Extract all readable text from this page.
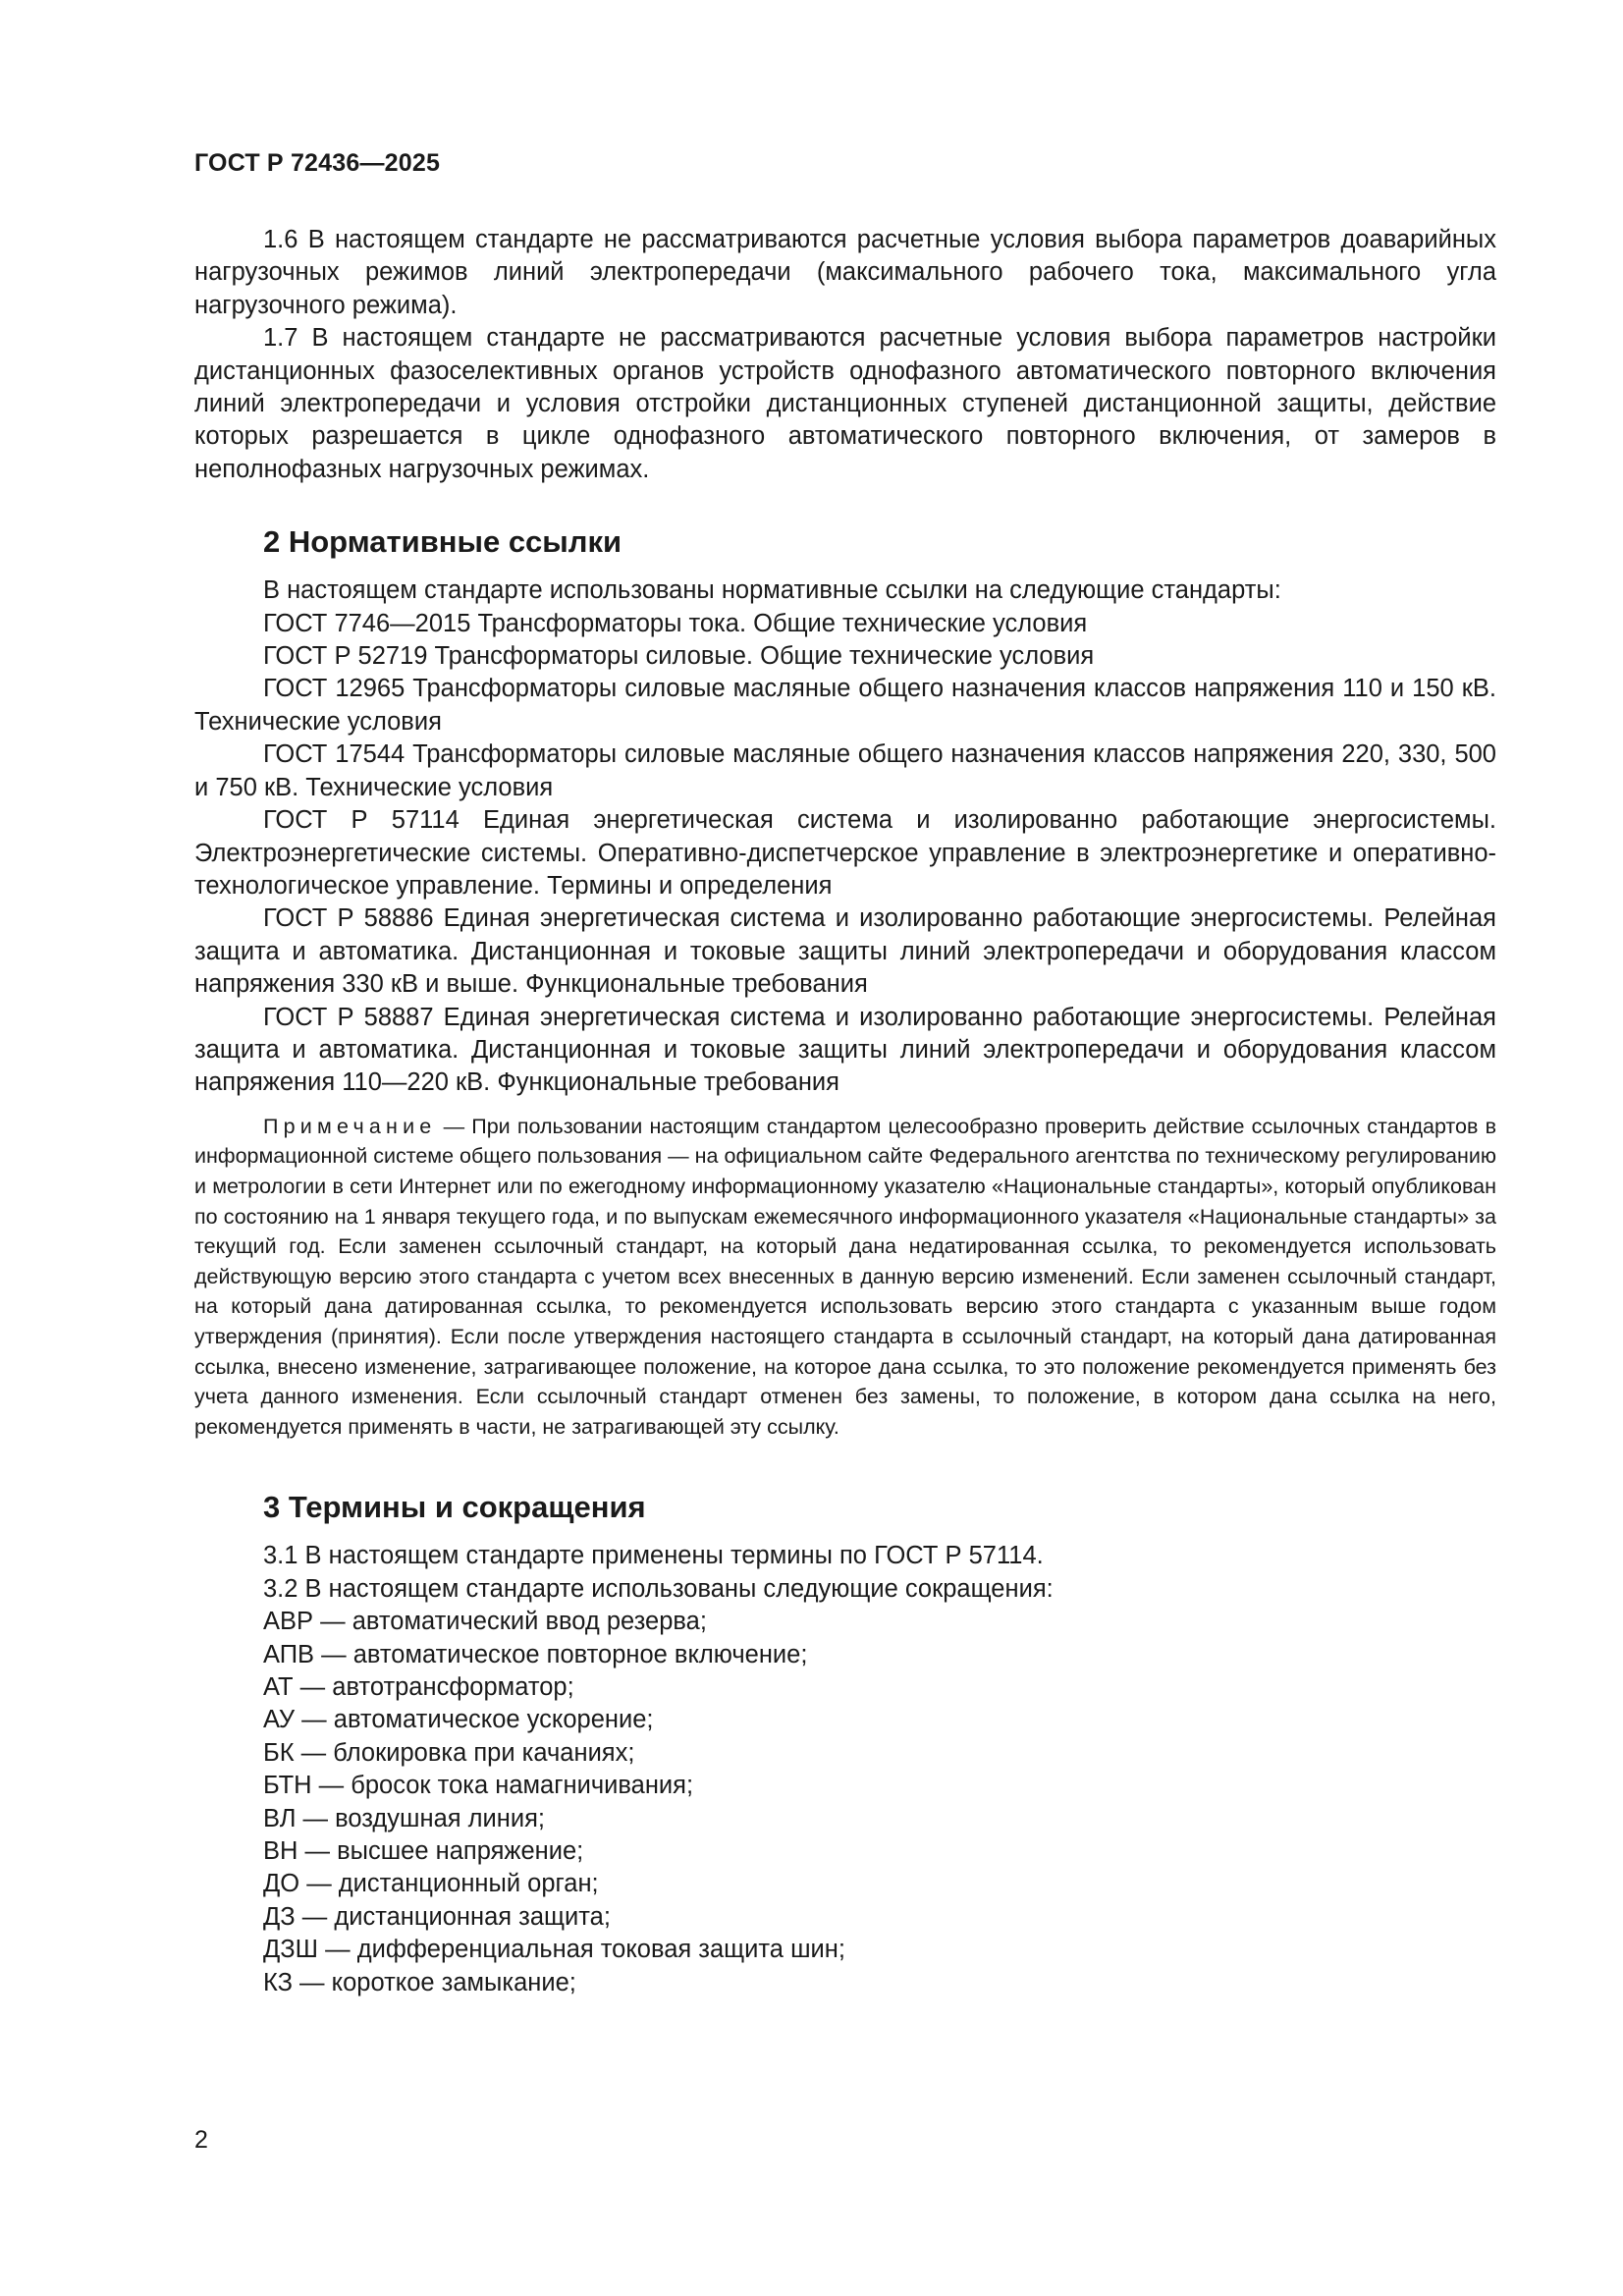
ГОСТ Р 72436—2025

1.6 В настоящем стандарте не рассматриваются расчетные условия выбора параметров доаварийных нагрузочных режимов линий электропередачи (максимального рабочего тока, максимального угла нагрузочного режима).

1.7 В настоящем стандарте не рассматриваются расчетные условия выбора параметров настройки дистанционных фазоселективных органов устройств однофазного автоматического повторного включения линий электропередачи и условия отстройки дистанционных ступеней дистанционной защиты, действие которых разрешается в цикле однофазного автоматического повторного включения, от замеров в неполнофазных нагрузочных режимах.

2 Нормативные ссылки

В настоящем стандарте использованы нормативные ссылки на следующие стандарты:

ГОСТ 7746—2015 Трансформаторы тока. Общие технические условия

ГОСТ Р 52719 Трансформаторы силовые. Общие технические условия

ГОСТ 12965 Трансформаторы силовые масляные общего назначения классов напряжения 110 и 150 кВ. Технические условия

ГОСТ 17544 Трансформаторы силовые масляные общего назначения классов напряжения 220, 330, 500 и 750 кВ. Технические условия

ГОСТ Р 57114 Единая энергетическая система и изолированно работающие энергосистемы. Электроэнергетические системы. Оперативно-диспетчерское управление в электроэнергетике и оперативно-технологическое управление. Термины и определения

ГОСТ Р 58886 Единая энергетическая система и изолированно работающие энергосистемы. Релейная защита и автоматика. Дистанционная и токовые защиты линий электропередачи и оборудования классом напряжения 330 кВ и выше. Функциональные требования

ГОСТ Р 58887 Единая энергетическая система и изолированно работающие энергосистемы. Релейная защита и автоматика. Дистанционная и токовые защиты линий электропередачи и оборудования классом напряжения 110—220 кВ. Функциональные требования

Примечание — При пользовании настоящим стандартом целесообразно проверить действие ссылочных стандартов в информационной системе общего пользования — на официальном сайте Федерального агентства по техническому регулированию и метрологии в сети Интернет или по ежегодному информационному указателю «Национальные стандарты», который опубликован по состоянию на 1 января текущего года, и по выпускам ежемесячного информационного указателя «Национальные стандарты» за текущий год. Если заменен ссылочный стандарт, на который дана недатированная ссылка, то рекомендуется использовать действующую версию этого стандарта с учетом всех внесенных в данную версию изменений. Если заменен ссылочный стандарт, на который дана датированная ссылка, то рекомендуется использовать версию этого стандарта с указанным выше годом утверждения (принятия). Если после утверждения настоящего стандарта в ссылочный стандарт, на который дана датированная ссылка, внесено изменение, затрагивающее положение, на которое дана ссылка, то это положение рекомендуется применять без учета данного изменения. Если ссылочный стандарт отменен без замены, то положение, в котором дана ссылка на него, рекомендуется применять в части, не затрагивающей эту ссылку.

3 Термины и сокращения

3.1 В настоящем стандарте применены термины по ГОСТ Р 57114.

3.2 В настоящем стандарте использованы следующие сокращения:

АВР — автоматический ввод резерва;
АПВ — автоматическое повторное включение;
АТ — автотрансформатор;
АУ — автоматическое ускорение;
БК — блокировка при качаниях;
БТН — бросок тока намагничивания;
ВЛ — воздушная линия;
ВН — высшее напряжение;
ДО — дистанционный орган;
ДЗ — дистанционная защита;
ДЗШ — дифференциальная токовая защита шин;
КЗ — короткое замыкание;
2
